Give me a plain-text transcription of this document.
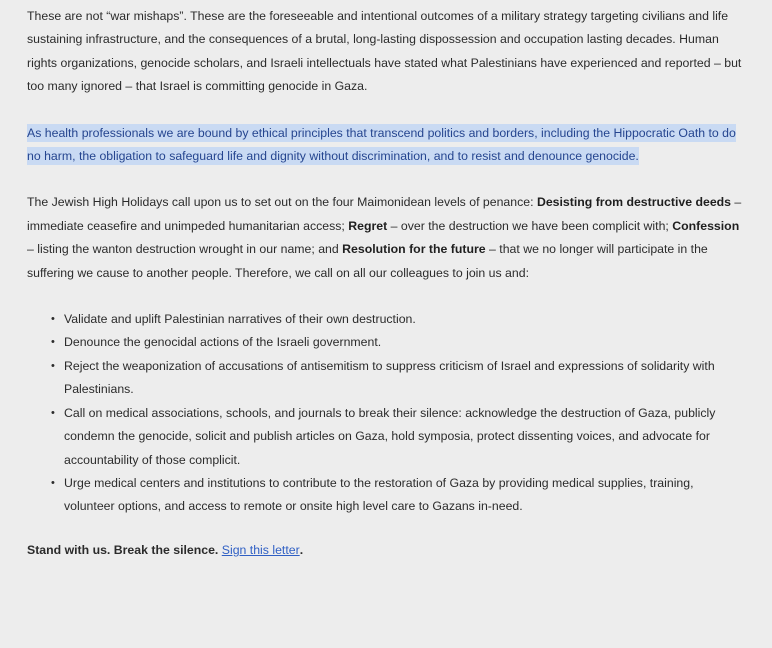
These are not “war mishaps”. These are the foreseeable and intentional outcomes of a military strategy targeting civilians and life sustaining infrastructure, and the consequences of a brutal, long-lasting dispossession and occupation lasting decades. Human rights organizations, genocide scholars, and Israeli intellectuals have stated what Palestinians have experienced and reported – but too many ignored – that Israel is committing genocide in Gaza.

As health professionals we are bound by ethical principles that transcend politics and borders, including the Hippocratic Oath to do no harm, the obligation to safeguard life and dignity without discrimination, and to resist and denounce genocide.

The Jewish High Holidays call upon us to set out on the four Maimonidean levels of penance: Desisting from destructive deeds – immediate ceasefire and unimpeded humanitarian access; Regret – over the destruction we have been complicit with; Confession – listing the wanton destruction wrought in our name; and Resolution for the future – that we no longer will participate in the suffering we cause to another people. Therefore, we call on all our colleagues to join us and:

• Validate and uplift Palestinian narratives of their own destruction.
• Denounce the genocidal actions of the Israeli government.
• Reject the weaponization of accusations of antisemitism to suppress criticism of Israel and expressions of solidarity with Palestinians.
• Call on medical associations, schools, and journals to break their silence: acknowledge the destruction of Gaza, publicly condemn the genocide, solicit and publish articles on Gaza, hold symposia, protect dissenting voices, and advocate for accountability of those complicit.
• Urge medical centers and institutions to contribute to the restoration of Gaza by providing medical supplies, training, volunteer options, and access to remote or onsite high level care to Gazans in-need.

Stand with us. Break the silence. Sign this letter.
